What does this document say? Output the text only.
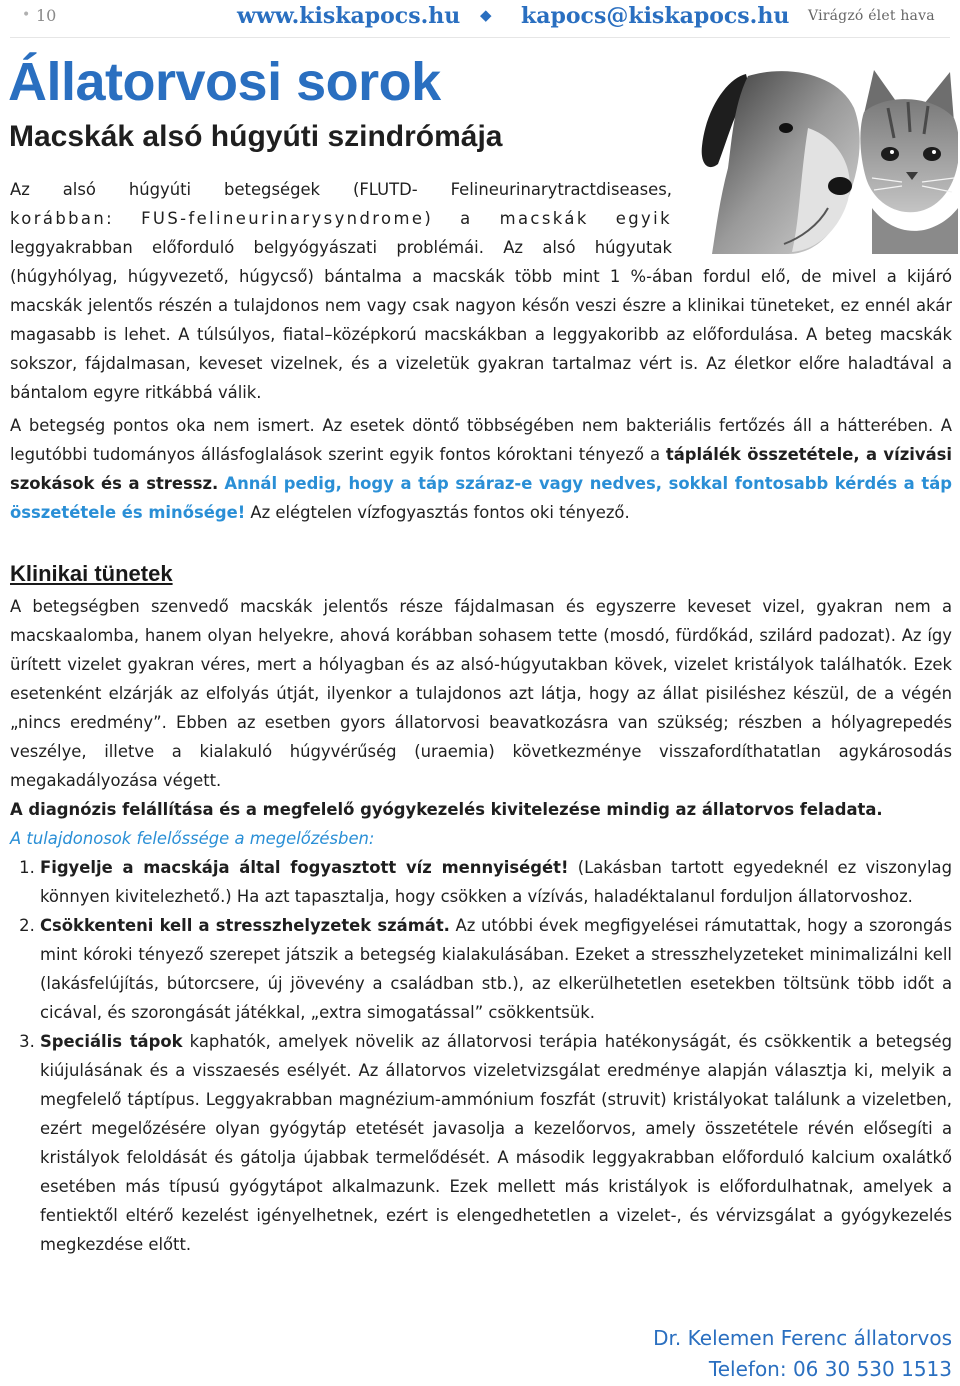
• 10	www.kiskapocs.hu ◆ kapocs@kiskapocs.hu Virágzó élet hava
Állatorvosi sorok
Macskák alsó húgyúti szindrómája

Az alsó húgyúti betegségek (FLUTD- Felineurinarytractdiseases,
korábban: FUS-felineurinarysyndrome) a macskák egyik
leggyakrabban előforduló belgyógyászati problémái. Az alsó húgyutak

(húgyhólyag, húgyvezető, húgycső) bántalma a macskák több mint 1 %-ában fordul elő, de mivel a kijáró macskák jelentős részén a tulajdonos nem vagy csak nagyon későn veszi észre a klinikai tüneteket, ez ennél akár magasabb is lehet. A túlsúlyos, fiatal–középkorú macskákban a leggyakoribb az előfordulása. A beteg macskák sokszor, fájdalmasan, keveset vizelnek, és a vizeletük gyakran tartalmaz vért is. Az életkor előre haladtával a bántalom egyre ritkábbá válik.
A betegség pontos oka nem ismert. Az esetek döntő többségében nem bakteriális fertőzés áll a hátterében. A legutóbbi tudományos állásfoglalások szerint egyik fontos kóroktani tényező a táplálék összetétele, a vízivási szokások és a stressz. Annál pedig, hogy a táp száraz-e vagy nedves, sokkal fontosabb kérdés a táp összetétele és minősége! Az elégtelen vízfogyasztás fontos oki tényező.
Klinikai tünetek
A betegségben szenvedő macskák jelentős része fájdalmasan és egyszerre keveset vizel, gyakran nem a macskaalomba, hanem olyan helyekre, ahová korábban sohasem tette (mosdó, fürdőkád, szilárd padozat). Az így ürített vizelet gyakran véres, mert a hólyagban és az alsó-húgyutakban kövek, vizelet kristályok találhatók. Ezek esetenként elzárják az elfolyás útját, ilyenkor a tulajdonos azt látja, hogy az állat pisiléshez készül, de a végén „nincs eredmény”. Ebben az esetben gyors állatorvosi beavatkozásra van szükség; részben a hólyagrepedés veszélye, illetve a kialakuló húgyvérűség (uraemia) következménye visszafordíthatatlan agykárosodás megakadályozása végett.

A diagnózis felállítása és a megfelelő gyógykezelés kivitelezése mindig az állatorvos feladata.

A tulajdonosok felelőssége a megelőzésben:

1. Figyelje a macskája által fogyasztott víz mennyiségét! (Lakásban tartott egyedeknél ez viszonylag könnyen kivitelezhető.) Ha azt tapasztalja, hogy csökken a vízívás, haladéktalanul forduljon állatorvoshoz.
2. Csökkenteni kell a stresszhelyzetek számát. Az utóbbi évek megfigyelései rámutattak, hogy a szorongás mint kóroki tényező szerepet játszik a betegség kialakulásában. Ezeket a stresszhelyzeteket minimalizálni kell (lakásfelújítás, bútorcsere, új jövevény a családban stb.), az elkerülhetetlen esetekben töltsünk több időt a cicával, és szorongását játékkal, „extra simogatással” csökkentsük.
3. Speciális tápok kaphatók, amelyek növelik az állatorvosi terápia hatékonyságát, és csökkentik a betegség kiújulásának és a visszaesés esélyét. Az állatorvos vizeletvizsgálat eredménye alapján választja ki, melyik a megfelelő táptípus. Leggyakrabban magnézium-ammónium foszfát (struvit) kristályokat találunk a vizeletben, ezért megelőzésére olyan gyógytáp etetését javasolja a kezelőorvos, amely összetétele révén elősegíti a kristályok feloldását és gátolja újabbak termelődését. A második leggyakrabban előforduló kalcium oxalátkő esetében más típusú gyógytápot alkalmazunk. Ezek mellett más kristályok is előfordulhatnak, amelyek a fentiektől eltérő kezelést igényelhetnek, ezért is elengedhetetlen a vizelet-, és vérvizsgálat a gyógykezelés megkezdése előtt.
Dr. Kelemen Ferenc állatorvos
Telefon: 06 30 530 1513
